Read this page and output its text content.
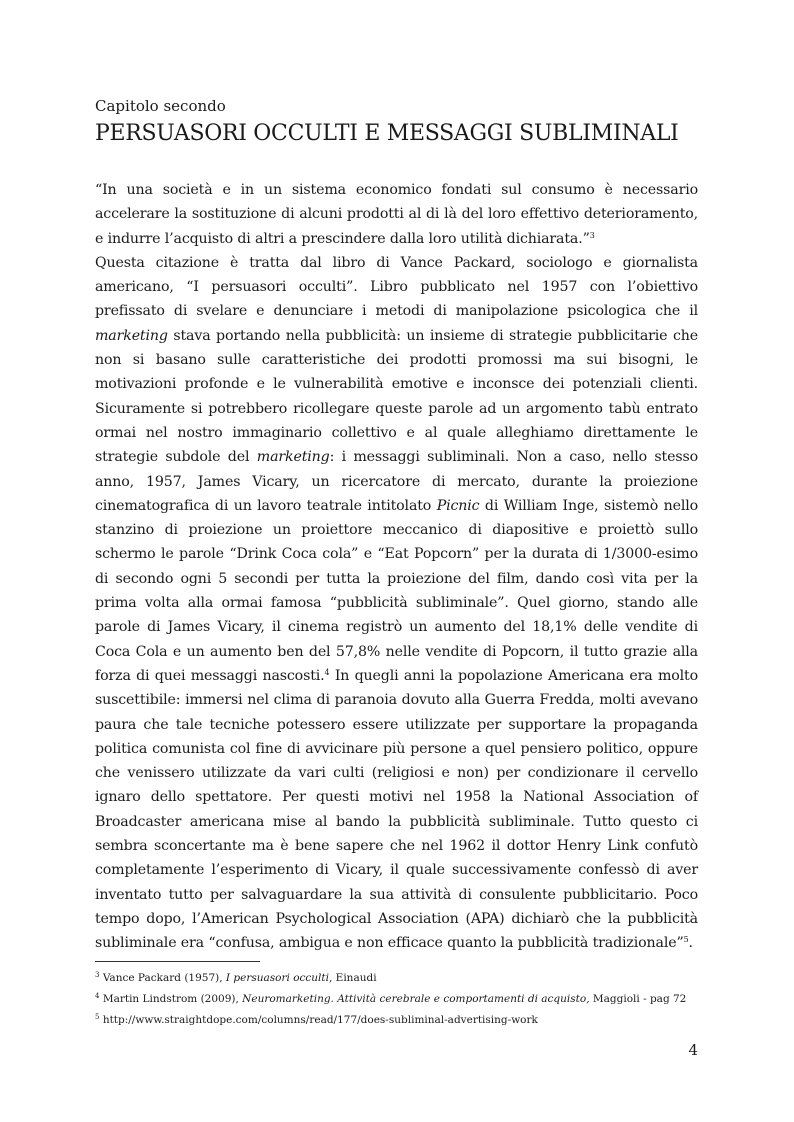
Capitolo secondo
PERSUASORI OCCULTI E MESSAGGI SUBLIMINALI

“In una società e in un sistema economico fondati sul consumo è necessario accelerare la sostituzione di alcuni prodotti al di là del loro effettivo deterioramento, e indurre l’acquisto di altri a prescindere dalla loro utilità dichiarata.”$^3$

Questa citazione è tratta dal libro di Vance Packard, sociologo e giornalista americano, “I persuasori occulti”. Libro pubblicato nel 1957 con l’obiettivo prefissato di svelare e denunciare i metodi di manipolazione psicologica che il marketing stava portando nella pubblicità: un insieme di strategie pubblicitarie che non si basano sulle caratteristiche dei prodotti promossi ma sui bisogni, le motivazioni profonde e le vulnerabilità emotive e inconsce dei potenziali clienti. Sicuramente si potrebbero ricollegare queste parole ad un argomento tabù entrato ormai nel nostro immaginario collettivo e al quale alleghiamo direttamente le strategie subdole del marketing: i messaggi subliminali. Non a caso, nello stesso anno, 1957, James Vicary, un ricercatore di mercato, durante la proiezione cinematografica di un lavoro teatrale intitolato Picnic di William Inge, sistemò nello stanzino di proiezione un proiettore meccanico di diapositive e proiettò sullo schermo le parole “Drink Coca cola” e “Eat Popcorn” per la durata di 1/3000-esimo di secondo ogni 5 secondi per tutta la proiezione del film, dando così vita per la prima volta alla ormai famosa “pubblicità subliminale”. Quel giorno, stando alle parole di James Vicary, il cinema registrò un aumento del 18,1% delle vendite di Coca Cola e un aumento ben del 57,8% nelle vendite di Popcorn, il tutto grazie alla forza di quei messaggi nascosti.$^4$ In quegli anni la popolazione Americana era molto suscettibile: immersi nel clima di paranoia dovuto alla Guerra Fredda, molti avevano paura che tale tecniche potessero essere utilizzate per supportare la propaganda politica comunista col fine di avvicinare più persone a quel pensiero politico, oppure che venissero utilizzate da vari culti (religiosi e non) per condizionare il cervello ignaro dello spettatore. Per questi motivi nel 1958 la National Association of Broadcaster americana mise al bando la pubblicità subliminale. Tutto questo ci sembra sconcertante ma è bene sapere che nel 1962 il dottor Henry Link confutò completamente l’esperimento di Vicary, il quale successivamente confessò di aver inventato tutto per salvaguardare la sua attività di consulente pubblicitario. Poco tempo dopo, l’American Psychological Association (APA) dichiarò che la pubblicità subliminale era “confusa, ambigua e non efficace quanto la pubblicità tradizionale”$^5$.

$^3$ Vance Packard (1957), I persuasori occulti, Einaudi
$^4$ Martin Lindstrom (2009), Neuromarketing. Attività cerebrale e comportamenti di acquisto, Maggioli - pag 72
$^5$ http://www.straightdope.com/columns/read/177/does-subliminal-advertising-work
4
